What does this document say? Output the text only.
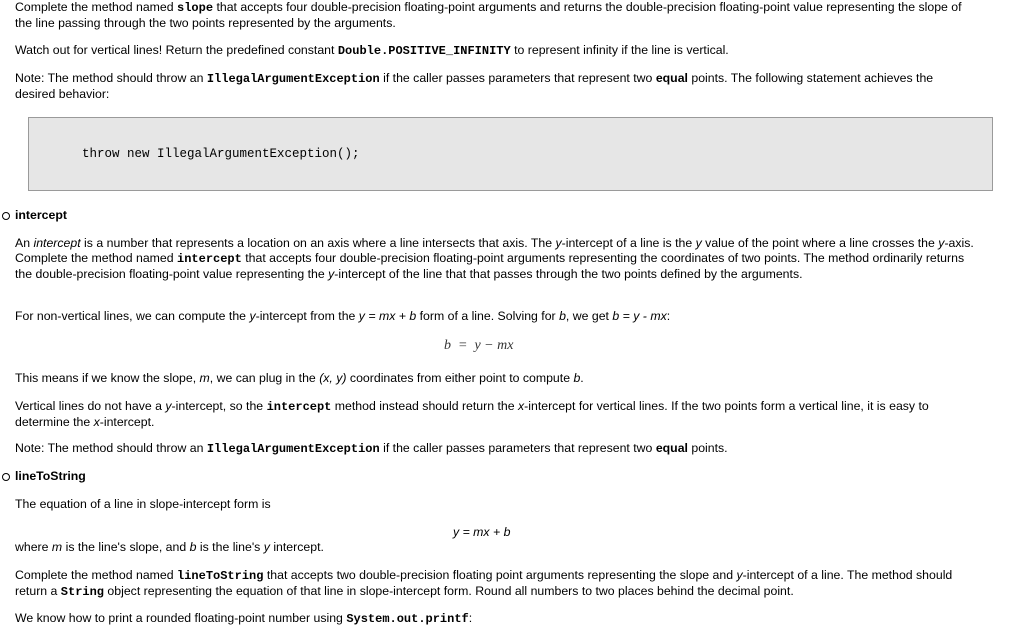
Complete the method named slope that accepts four double-precision floating-point arguments and returns the double-precision floating-point value representing the slope of the line passing through the two points represented by the arguments.

Watch out for vertical lines! Return the predefined constant Double.POSITIVE_INFINITY to represent infinity if the line is vertical.

Note: The method should throw an IllegalArgumentException if the caller passes parameters that represent two equal points. The following statement achieves the desired behavior:

throw new IllegalArgumentException();
intercept

An intercept is a number that represents a location on an axis where a line intersects that axis. The y-intercept of a line is the y value of the point where a line crosses the y-axis. Complete the method named intercept that accepts four double-precision floating-point arguments representing the coordinates of two points. The method ordinarily returns the double-precision floating-point value representing the y-intercept of the line that that passes through the two points defined by the arguments.

For non-vertical lines, we can compute the y-intercept from the y = mx + b form of a line. Solving for b, we get b = y - mx:

b  =  y − mx

This means if we know the slope, m, we can plug in the (x, y) coordinates from either point to compute b.

Vertical lines do not have a y-intercept, so the intercept method instead should return the x-intercept for vertical lines. If the two points form a vertical line, it is easy to determine the x-intercept.

Note: The method should throw an IllegalArgumentException if the caller passes parameters that represent two equal points.

lineToString

The equation of a line in slope-intercept form is

y = mx + b

where m is the line's slope, and b is the line's y intercept.

Complete the method named lineToString that accepts two double-precision floating point arguments representing the slope and y-intercept of a line. The method should return a String object representing the equation of that line in slope-intercept form. Round all numbers to two places behind the decimal point.

We know how to print a rounded floating-point number using System.out.printf:
